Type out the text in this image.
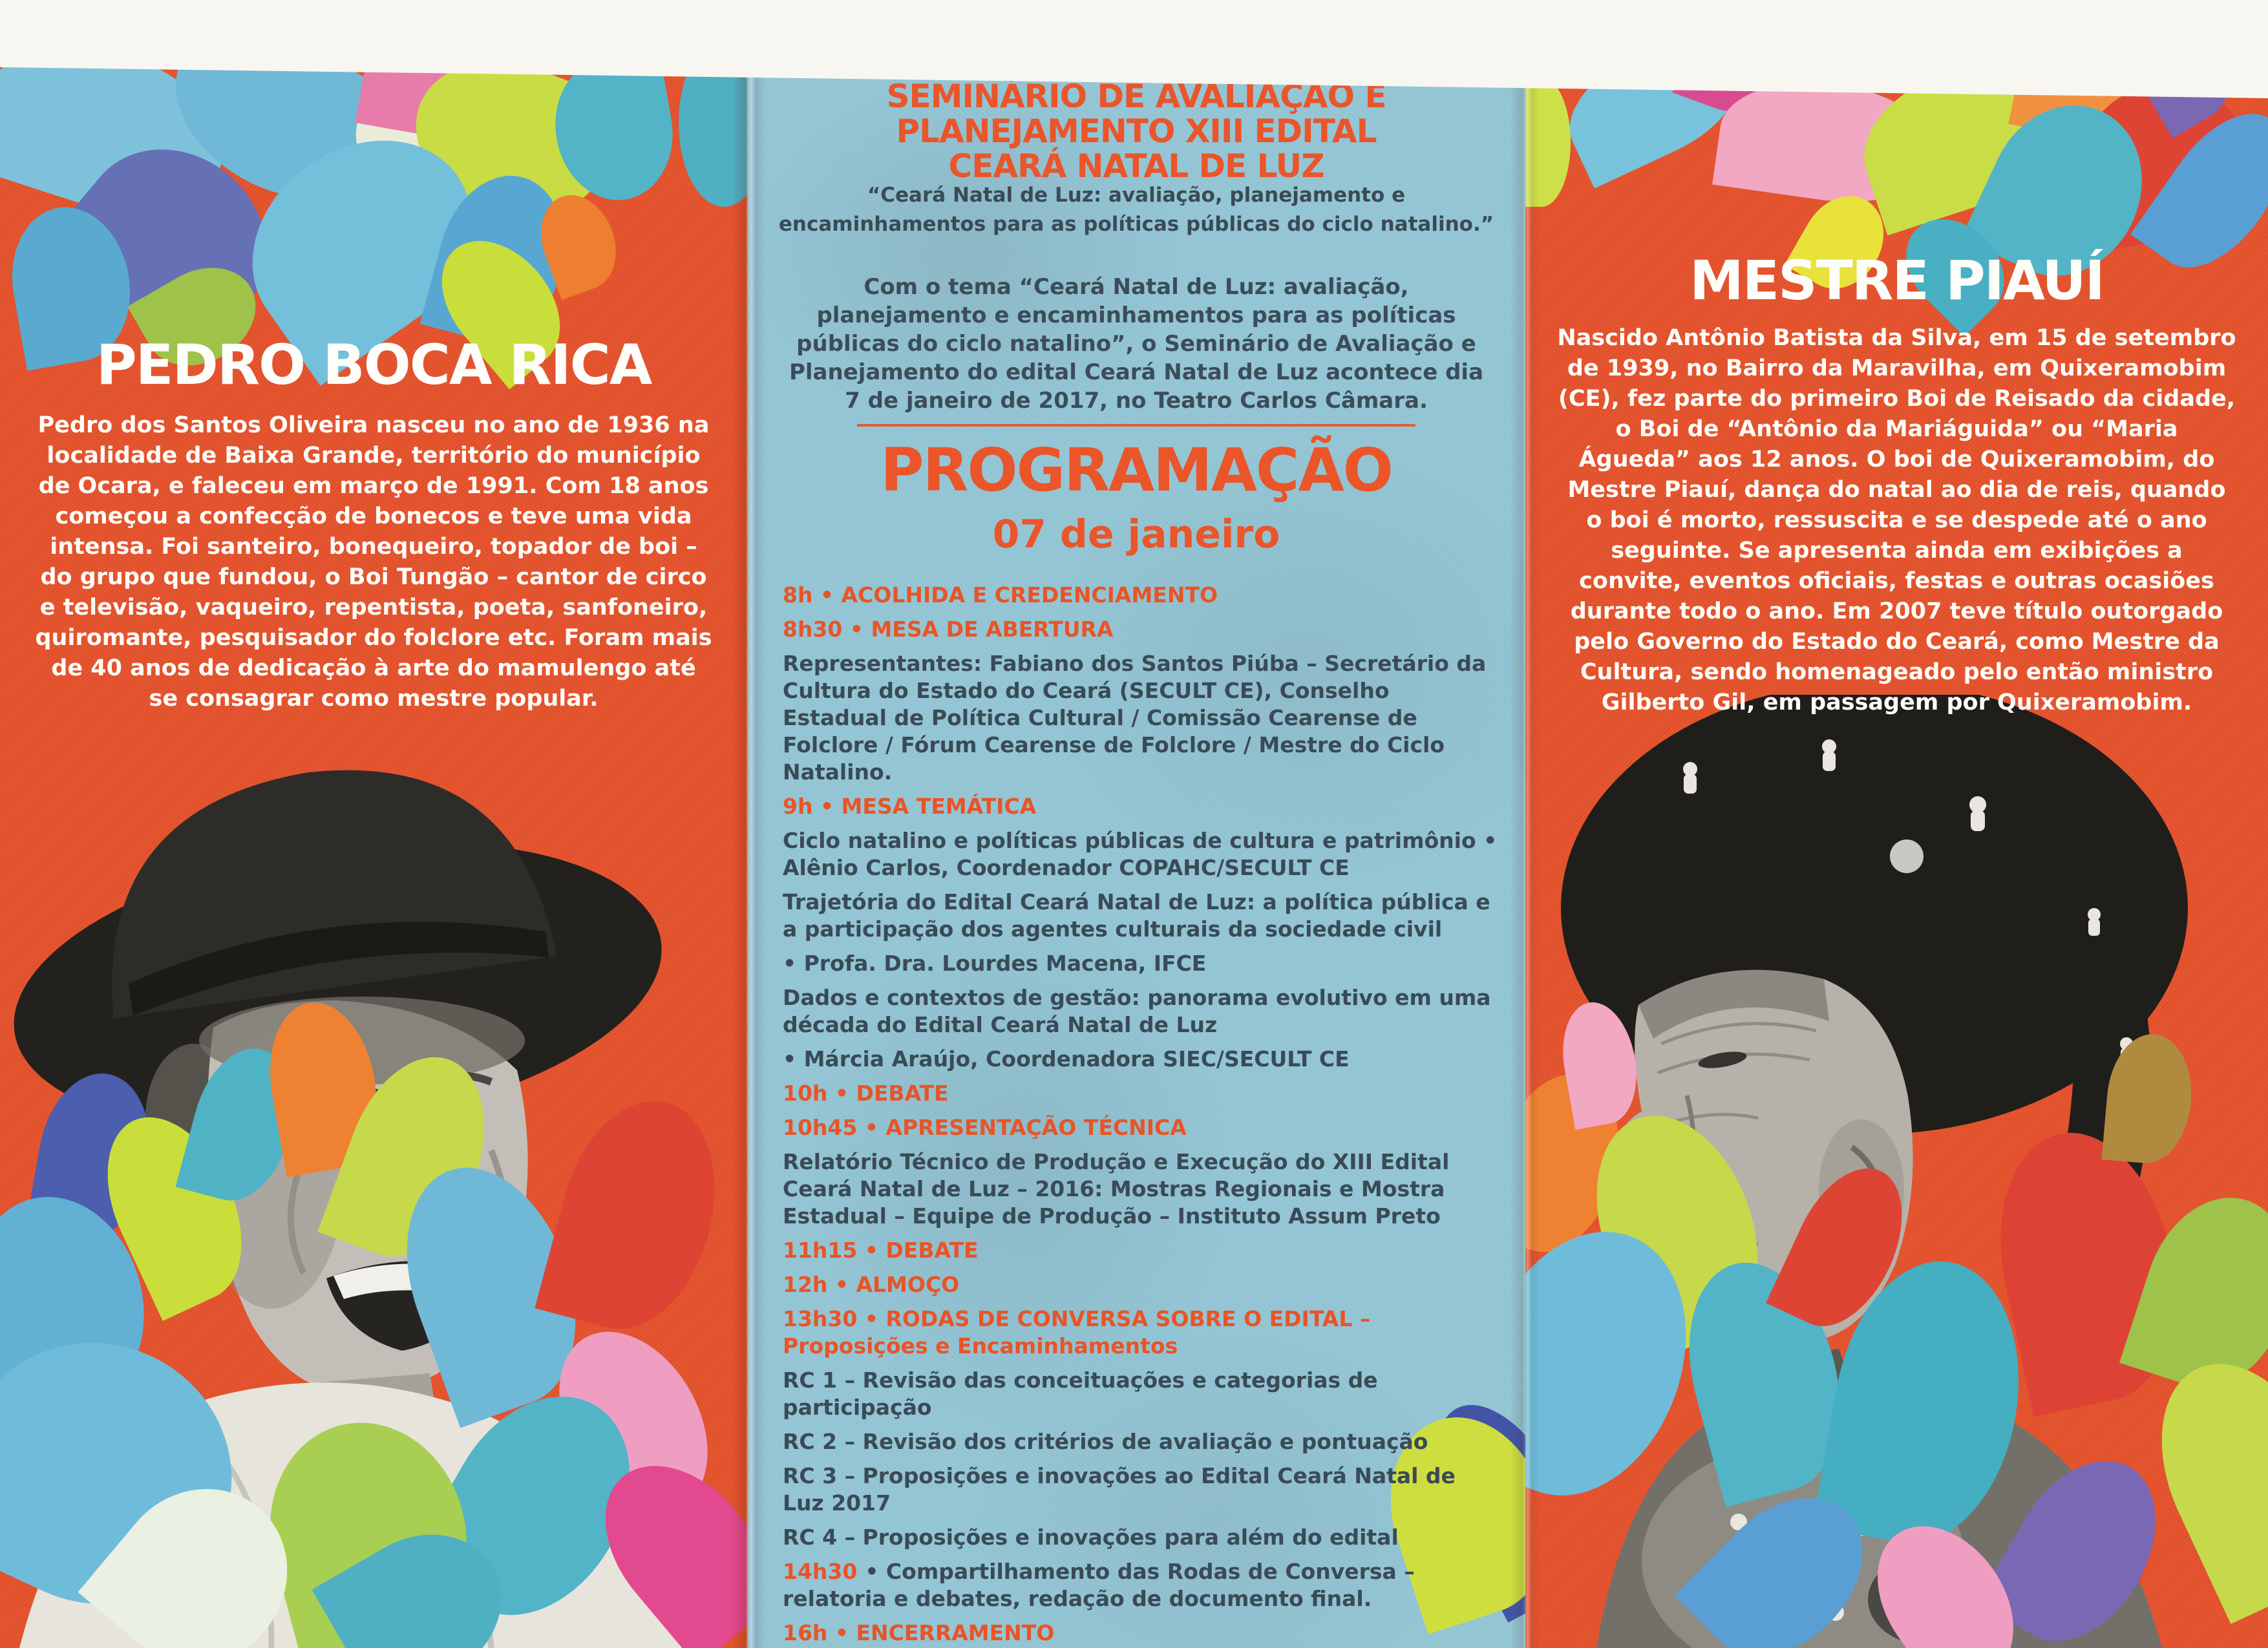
PEDRO BOCA RICA
Pedro dos Santos Oliveira nasceu no ano de 1936 na localidade de Baixa Grande, território do município de Ocara, e faleceu em março de 1991. Com 18 anos começou a confecção de bonecos e teve uma vida intensa. Foi santeiro, bonequeiro, topador de boi – do grupo que fundou, o Boi Tungão – cantor de circo e televisão, vaqueiro, repentista, poeta, sanfoneiro, quiromante, pesquisador do folclore etc. Foram mais de 40 anos de dedicação à arte do mamulengo até se consagrar como mestre popular.
SEMINÁRIO DE AVALIAÇÃO E
PLANEJAMENTO XIII EDITAL
CEARÁ NATAL DE LUZ
“Ceará Natal de Luz: avaliação, planejamento e
encaminhamentos para as políticas públicas do ciclo natalino.”
Com o tema “Ceará Natal de Luz: avaliação, planejamento e encaminhamentos para as políticas públicas do ciclo natalino”, o Seminário de Avaliação e Planejamento do edital Ceará Natal de Luz acontece dia 7 de janeiro de 2017, no Teatro Carlos Câmara.
PROGRAMAÇÃO
07 de janeiro
8h • ACOLHIDA E CREDENCIAMENTO
8h30 • MESA DE ABERTURA
Representantes: Fabiano dos Santos Piúba – Secretário da Cultura do Estado do Ceará (SECULT CE), Conselho Estadual de Política Cultural / Comissão Cearense de Folclore / Fórum Cearense de Folclore / Mestre do Ciclo Natalino.
9h • MESA TEMÁTICA
Ciclo natalino e políticas públicas de cultura e patrimônio • Alênio Carlos, Coordenador COPAHC/SECULT CE
Trajetória do Edital Ceará Natal de Luz: a política pública e a participação dos agentes culturais da sociedade civil
• Profa. Dra. Lourdes Macena, IFCE
Dados e contextos de gestão: panorama evolutivo em uma década do Edital Ceará Natal de Luz
• Márcia Araújo, Coordenadora SIEC/SECULT CE
10h • DEBATE
10h45 • APRESENTAÇÃO TÉCNICA
Relatório Técnico de Produção e Execução do XIII Edital Ceará Natal de Luz – 2016: Mostras Regionais e Mostra Estadual – Equipe de Produção – Instituto Assum Preto
11h15 • DEBATE
12h • ALMOÇO
13h30 • RODAS DE CONVERSA SOBRE O EDITAL – Proposições e Encaminhamentos
RC 1 – Revisão das conceituações e categorias de participação
RC 2 – Revisão dos critérios de avaliação e pontuação
RC 3 – Proposições e inovações ao Edital Ceará Natal de Luz 2017
RC 4 – Proposições e inovações para além do edital
14h30 • Compartilhamento das Rodas de Conversa – relatoria e debates, redação de documento final.
16h • ENCERRAMENTO
MESTRE PIAUÍ
Nascido Antônio Batista da Silva, em 15 de setembro de 1939, no Bairro da Maravilha, em Quixeramobim (CE), fez parte do primeiro Boi de Reisado da cidade, o Boi de “Antônio da Mariáguida” ou “Maria Águeda” aos 12 anos. O boi de Quixeramobim, do Mestre Piauí, dança do natal ao dia de reis, quando o boi é morto, ressuscita e se despede até o ano seguinte. Se apresenta ainda em exibições a convite, eventos oficiais, festas e outras ocasiões durante todo o ano. Em 2007 teve título outorgado pelo Governo do Estado do Ceará, como Mestre da Cultura, sendo homenageado pelo então ministro Gilberto Gil, em passagem por Quixeramobim.
